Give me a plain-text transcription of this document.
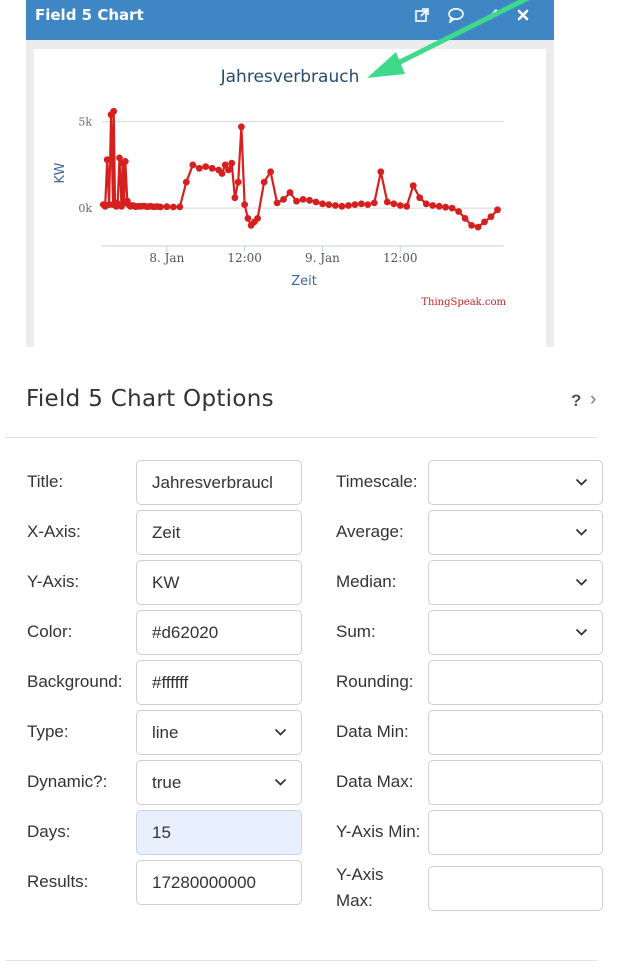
Field 5 Chart
Jahresverbrauch
0k
5k
8. Jan	12:00	9. Jan	12:00
Zeit
KW
ThingSpeak.com
Field 5 Chart Options	? ›
Title:	Jahresverbraucl
X-Axis:	Zeit
Y-Axis:	KW
Color:	#d62020
Background:	#ffffff
Type:	line
Dynamic?:	true
Days:	15
Results:	17280000000
Timescale:
Average:
Median:
Sum:
Rounding:
Data Min:
Data Max:
Y-Axis Min:
Y-Axis Max:
